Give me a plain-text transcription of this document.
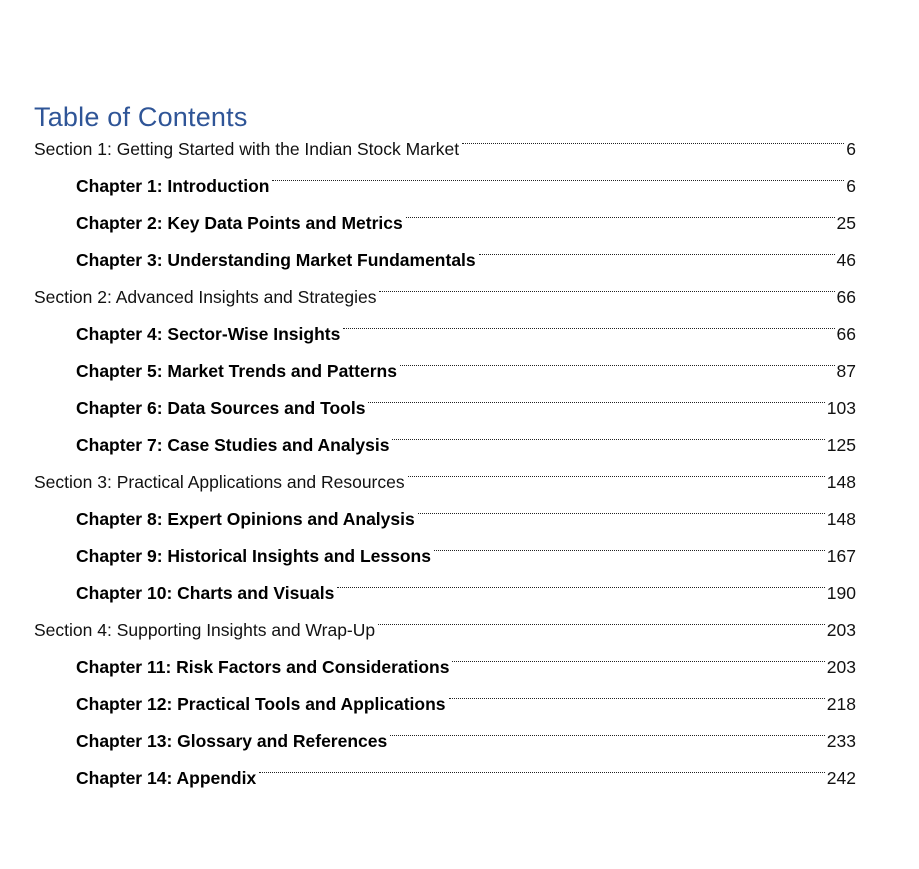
Table of Contents
Section 1: Getting Started with the Indian Stock Market	6
Chapter 1: Introduction	6
Chapter 2: Key Data Points and Metrics	25
Chapter 3: Understanding Market Fundamentals	46
Section 2: Advanced Insights and Strategies	66
Chapter 4: Sector-Wise Insights	66
Chapter 5: Market Trends and Patterns	87
Chapter 6: Data Sources and Tools	103
Chapter 7: Case Studies and Analysis	125
Section 3: Practical Applications and Resources	148
Chapter 8: Expert Opinions and Analysis	148
Chapter 9: Historical Insights and Lessons	167
Chapter 10: Charts and Visuals	190
Section 4: Supporting Insights and Wrap-Up	203
Chapter 11: Risk Factors and Considerations	203
Chapter 12: Practical Tools and Applications	218
Chapter 13: Glossary and References	233
Chapter 14: Appendix	242
